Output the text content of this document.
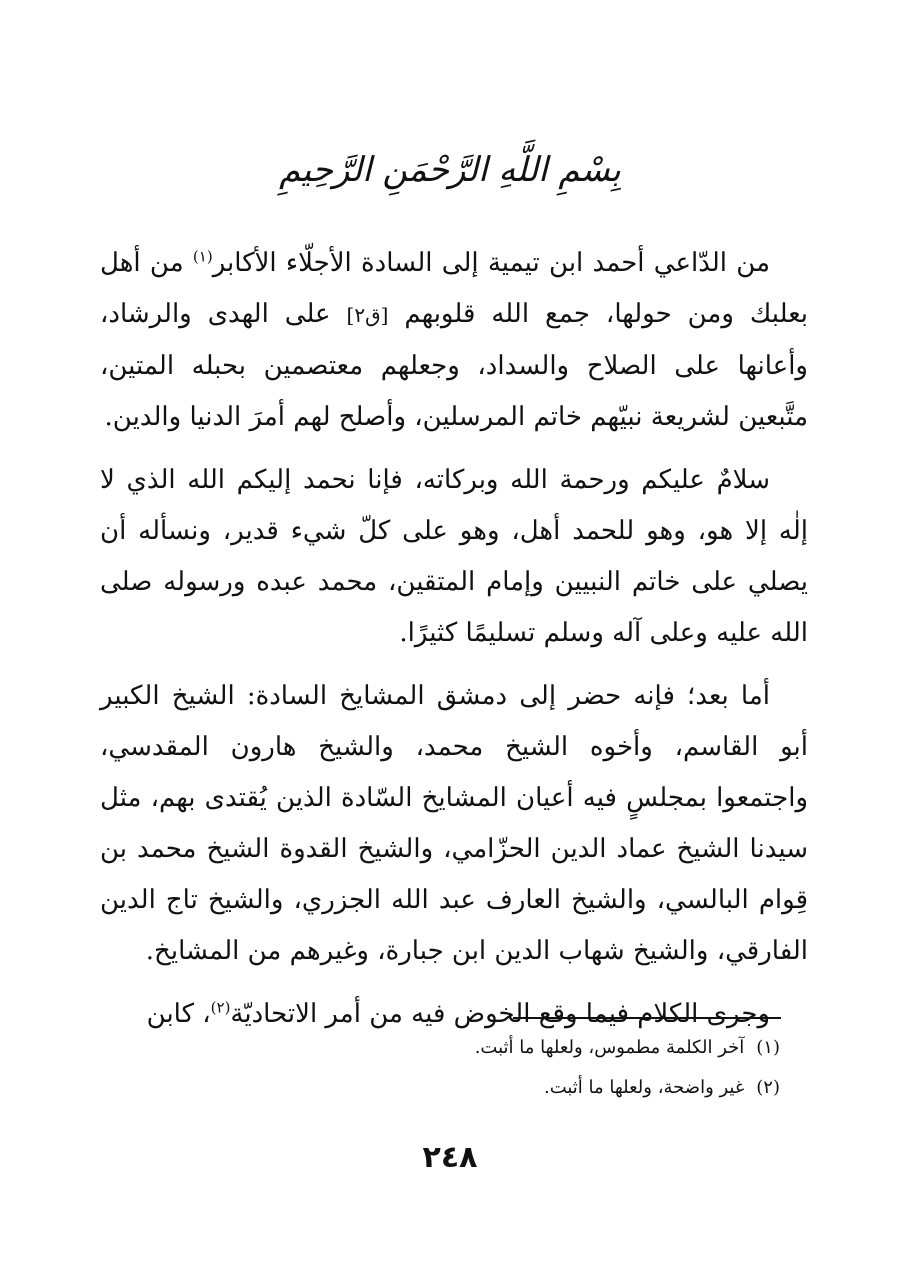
بِسْمِ اللَّهِ الرَّحْمَنِ الرَّحِيمِ

من الدّاعي أحمد ابن تيمية إلى السادة الأجلّاء الأكابر$^{(١)}$ من أهل بعلبك ومن حولها، جمع الله قلوبهم [ق٢] على الهدى والرشاد، وأعانها على الصلاح والسداد، وجعلهم معتصمين بحبله المتين، متَّبعين لشريعة نبيّهم خاتم المرسلين، وأصلح لهم أمرَ الدنيا والدين.

سلامٌ عليكم ورحمة الله وبركاته، فإنا نحمد إليكم الله الذي لا إلٰه إلا هو، وهو للحمد أهل، وهو على كلّ شيء قدير، ونسأله أن يصلي على خاتم النبيين وإمام المتقين، محمد عبده ورسوله صلى الله عليه وعلى آله وسلم تسليمًا كثيرًا.

أما بعد؛ فإنه حضر إلى دمشق المشايخ السادة: الشيخ الكبير أبو القاسم، وأخوه الشيخ محمد، والشيخ هارون المقدسي، واجتمعوا بمجلسٍ فيه أعيان المشايخ السّادة الذين يُقتدى بهم، مثل سيدنا الشيخ عماد الدين الحزّامي، والشيخ القدوة الشيخ محمد بن قِوام البالسي، والشيخ العارف عبد الله الجزري، والشيخ تاج الدين الفارقي، والشيخ شهاب الدين ابن جبارة، وغيرهم من المشايخ.

وجرى الكلام فيما وقع الخوض فيه من أمر الاتحاديّة$^{(٢)}$، كابن

(١)آخر الكلمة مطموس، ولعلها ما أثبت.
(٢)غير واضحة، ولعلها ما أثبت.
٢٤٨
